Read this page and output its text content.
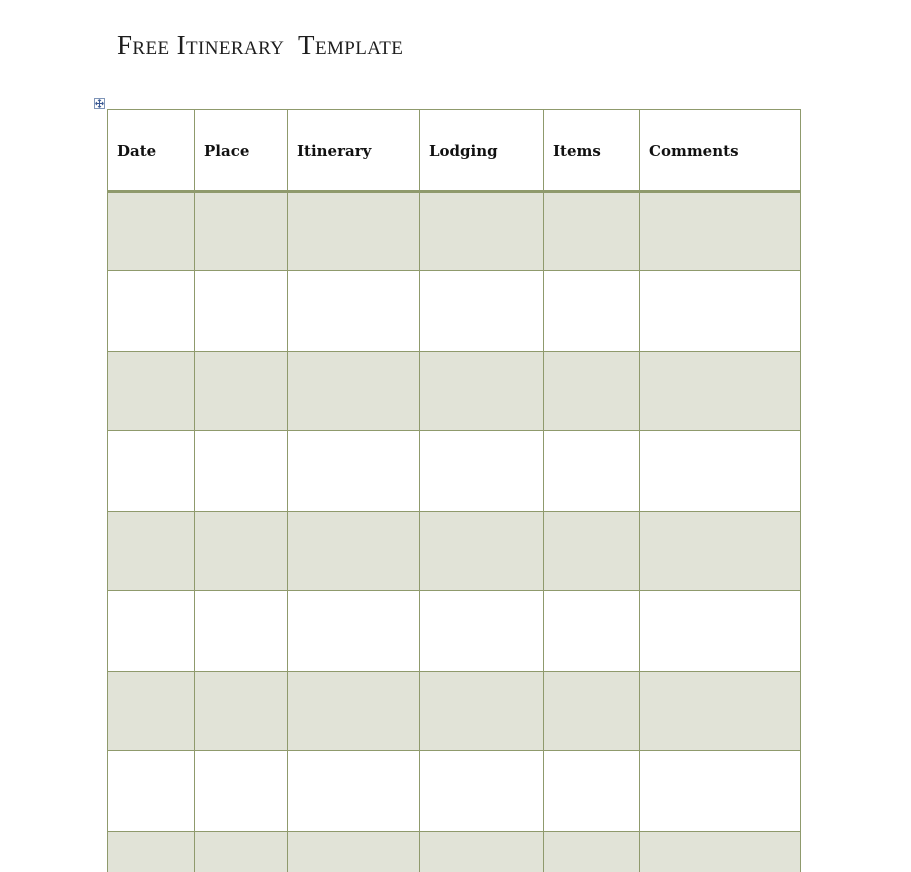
Free Itinerary  Template
Date	Place	Itinerary	Lodging	Items	Comments
